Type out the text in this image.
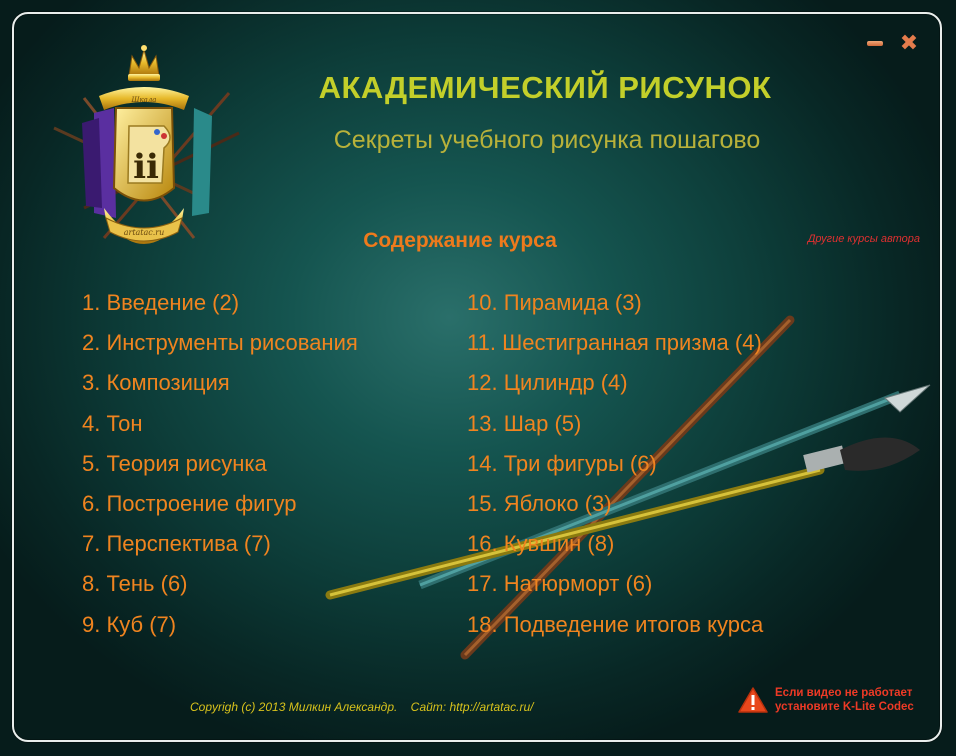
✖
ii
artatac.ru
Шкала	АКАДЕМИЧЕСКИЙ РИСУНОК
Секреты учебного рисунка пошагово
Содержание курса	Другие курсы автора
1. Введение (2)
2. Инструменты рисования
3. Композиция
4. Тон
5. Теория рисунка
6. Построение фигур
7. Перспектива (7)
8. Тень (6)
9. Куб (7)
10. Пирамида (3)
11. Шестигранная призма (4)
12. Цилиндр (4)
13. Шар (5)
14. Три фигуры (6)
15. Яблоко (3)
16. Кувшин (8)
17. Натюрморт (6)
18. Подведение итогов курса
Copyrigh (c) 2013 Милкин Александр.    Сайт: http://artatac.ru/
Если видео не работает
установите K-Lite Codec
